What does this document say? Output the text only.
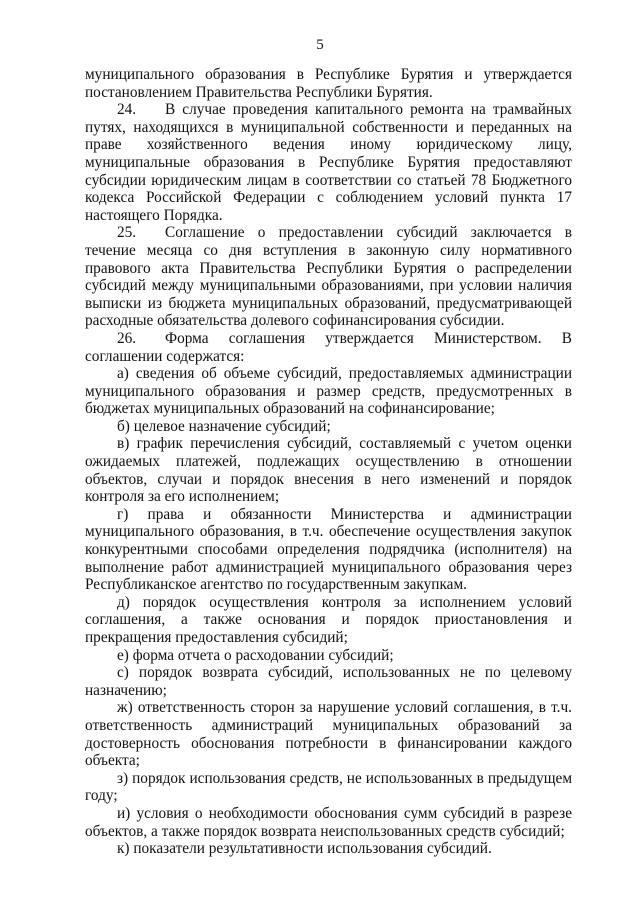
5

муниципального образования в Республике Бурятия и утверждается постановлением Правительства Республики Бурятия.

24. В случае проведения капитального ремонта на трамвайных путях, находящихся в муниципальной собственности и переданных на праве хозяйственного ведения иному юридическому лицу, муниципальные образования в Республике Бурятия предоставляют субсидии юридическим лицам в соответствии со статьей 78 Бюджетного кодекса Российской Федерации с соблюдением условий пункта 17 настоящего Порядка.

25. Соглашение о предоставлении субсидий заключается в течение месяца со дня вступления в законную силу нормативного правового акта Правительства Республики Бурятия о распределении субсидий между муниципальными образованиями, при условии наличия выписки из бюджета муниципальных образований, предусматривающей расходные обязательства долевого софинансирования субсидии.

26. Форма соглашения утверждается Министерством. В соглашении содержатся:

а) сведения об объеме субсидий, предоставляемых администрации муниципального образования и размер средств, предусмотренных в бюджетах муниципальных образований на софинансирование;

б) целевое назначение субсидий;

в) график перечисления субсидий, составляемый с учетом оценки ожидаемых платежей, подлежащих осуществлению в отношении объектов, случаи и порядок внесения в него изменений и порядок контроля за его исполнением;

г) права и обязанности Министерства и администрации муниципального образования, в т.ч. обеспечение осуществления закупок конкурентными способами определения подрядчика (исполнителя) на выполнение работ администрацией муниципального образования через Республиканское агентство по государственным закупкам.

д) порядок осуществления контроля за исполнением условий соглашения, а также основания и порядок приостановления и прекращения предоставления субсидий;

е) форма отчета о расходовании субсидий;

с) порядок возврата субсидий, использованных не по целевому назначению;

ж) ответственность сторон за нарушение условий соглашения, в т.ч. ответственность администраций муниципальных образований за достоверность обоснования потребности в финансировании каждого объекта;

з) порядок использования средств, не использованных в предыдущем году;

и) условия о необходимости обоснования сумм субсидий в разрезе объектов, а также порядок возврата неиспользованных средств субсидий;

к) показатели результативности использования субсидий.
